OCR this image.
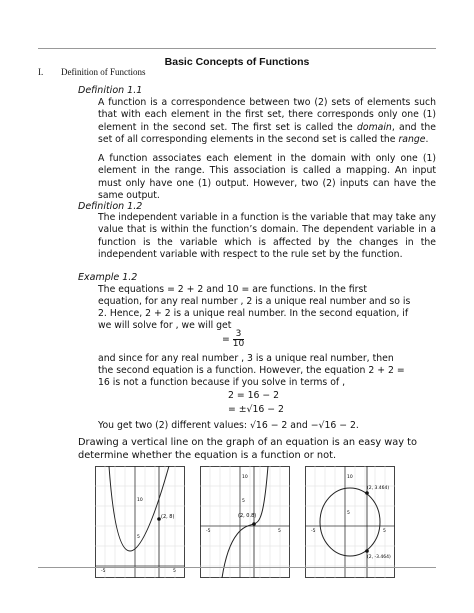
Basic Concepts of Functions
I. Definition of Functions
Definition 1.1

A function is a correspondence between two (2) sets of elements such that with each element in the first set, there corresponds only one (1) element in the second set. The first set is called the domain, and the set of all corresponding elements in the second set is called the range.

A function associates each element in the domain with only one (1) element in the range. This association is called a mapping. An input must only have one (1) output. However, two (2) inputs can have the same output.

Definition 1.2

The independent variable in a function is the variable that may take any value that is within the function’s domain. The dependent variable in a function is the variable which is affected by the changes in the independent variable with respect to the rule set by the function.

Example 1.2
The equations = 2 + 2 and 10 = are functions. In the first
equation, for any real number , 2 is a unique real number and so is
2. Hence, 2 + 2 is a unique real number. In the second equation, if
we will solve for , we will get
= $\frac{3}{10}$
and since for any real number , 3 is a unique real number, then
the second equation is a function. However, the equation 2 + 2 =
16 is not a function because if you solve in terms of ,
2 = 16 − 2
= ±√16 − 2
You get two (2) different values: √16 − 2 and −√16 − 2.

Drawing a vertical line on the graph of an equation is an easy way to determine whether the equation is a function or not.

(2, 8)
10
5
-5	5
(2, 0.8)
10
5
-5	5
(2, 3.464)
(2, -3.464)
5
10
-5	5
